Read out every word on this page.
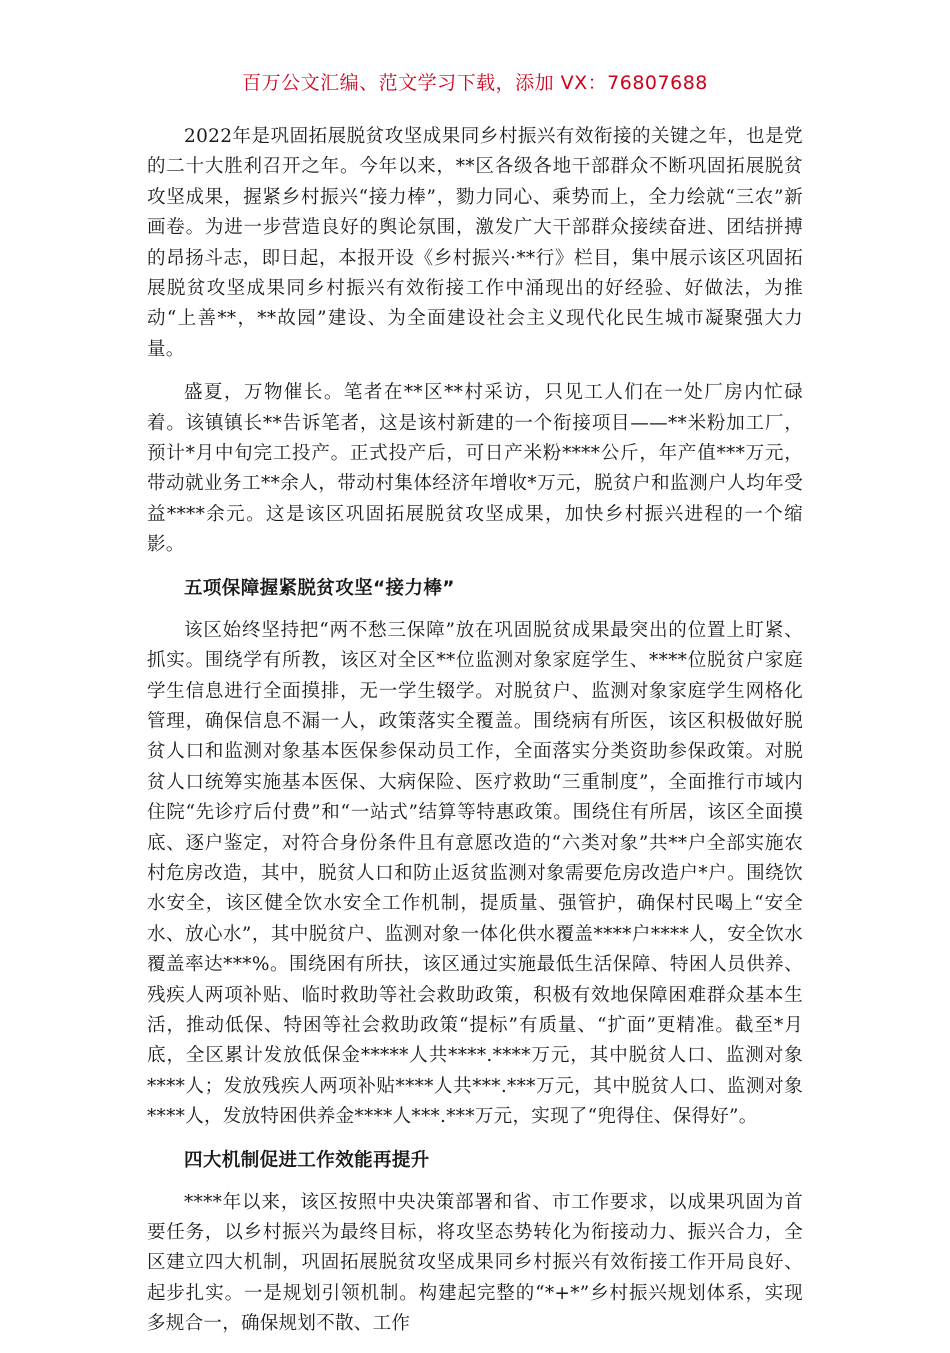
百万公文汇编、范文学习下载，添加 VX：76807688

2022年是巩固拓展脱贫攻坚成果同乡村振兴有效衔接的关键之年，也是党的二十大胜利召开之年。今年以来，**区各级各地干部群众不断巩固拓展脱贫攻坚成果，握紧乡村振兴“接力棒”，勠力同心、乘势而上，全力绘就“三农”新画卷。为进一步营造良好的舆论氛围，激发广大干部群众接续奋进、团结拼搏的昂扬斗志，即日起，本报开设《乡村振兴·**行》栏目，集中展示该区巩固拓展脱贫攻坚成果同乡村振兴有效衔接工作中涌现出的好经验、好做法，为推动“上善**，**故园”建设、为全面建设社会主义现代化民生城市凝聚强大力量。

盛夏，万物催长。笔者在**区**村采访，只见工人们在一处厂房内忙碌着。该镇镇长**告诉笔者，这是该村新建的一个衔接项目——**米粉加工厂，预计*月中旬完工投产。正式投产后，可日产米粉****公斤，年产值***万元，带动就业务工**余人，带动村集体经济年增收*万元，脱贫户和监测户人均年受益****余元。这是该区巩固拓展脱贫攻坚成果，加快乡村振兴进程的一个缩影。

五项保障握紧脱贫攻坚“接力棒”

该区始终坚持把“两不愁三保障”放在巩固脱贫成果最突出的位置上盯紧、抓实。围绕学有所教，该区对全区**位监测对象家庭学生、****位脱贫户家庭学生信息进行全面摸排，无一学生辍学。对脱贫户、监测对象家庭学生网格化管理，确保信息不漏一人，政策落实全覆盖。围绕病有所医，该区积极做好脱贫人口和监测对象基本医保参保动员工作，全面落实分类资助参保政策。对脱贫人口统筹实施基本医保、大病保险、医疗救助“三重制度”，全面推行市域内住院“先诊疗后付费”和“一站式”结算等特惠政策。围绕住有所居，该区全面摸底、逐户鉴定，对符合身份条件且有意愿改造的“六类对象”共**户全部实施农村危房改造，其中，脱贫人口和防止返贫监测对象需要危房改造户*户。围绕饮水安全，该区健全饮水安全工作机制，提质量、强管护，确保村民喝上“安全水、放心水”，其中脱贫户、监测对象一体化供水覆盖****户****人，安全饮水覆盖率达***%。围绕困有所扶，该区通过实施最低生活保障、特困人员供养、残疾人两项补贴、临时救助等社会救助政策，积极有效地保障困难群众基本生活，推动低保、特困等社会救助政策“提标”有质量、“扩面”更精准。截至*月底，全区累计发放低保金*****人共****.****万元，其中脱贫人口、监测对象****人；发放残疾人两项补贴****人共***.***万元，其中脱贫人口、监测对象****人，发放特困供养金****人***.***万元，实现了“兜得住、保得好”。

四大机制促进工作效能再提升

****年以来，该区按照中央决策部署和省、市工作要求，以成果巩固为首要任务，以乡村振兴为最终目标，将攻坚态势转化为衔接动力、振兴合力，全区建立四大机制，巩固拓展脱贫攻坚成果同乡村振兴有效衔接工作开局良好、起步扎实。一是规划引领机制。构建起完整的“*+*”乡村振兴规划体系，实现多规合一，确保规划不散、工作
